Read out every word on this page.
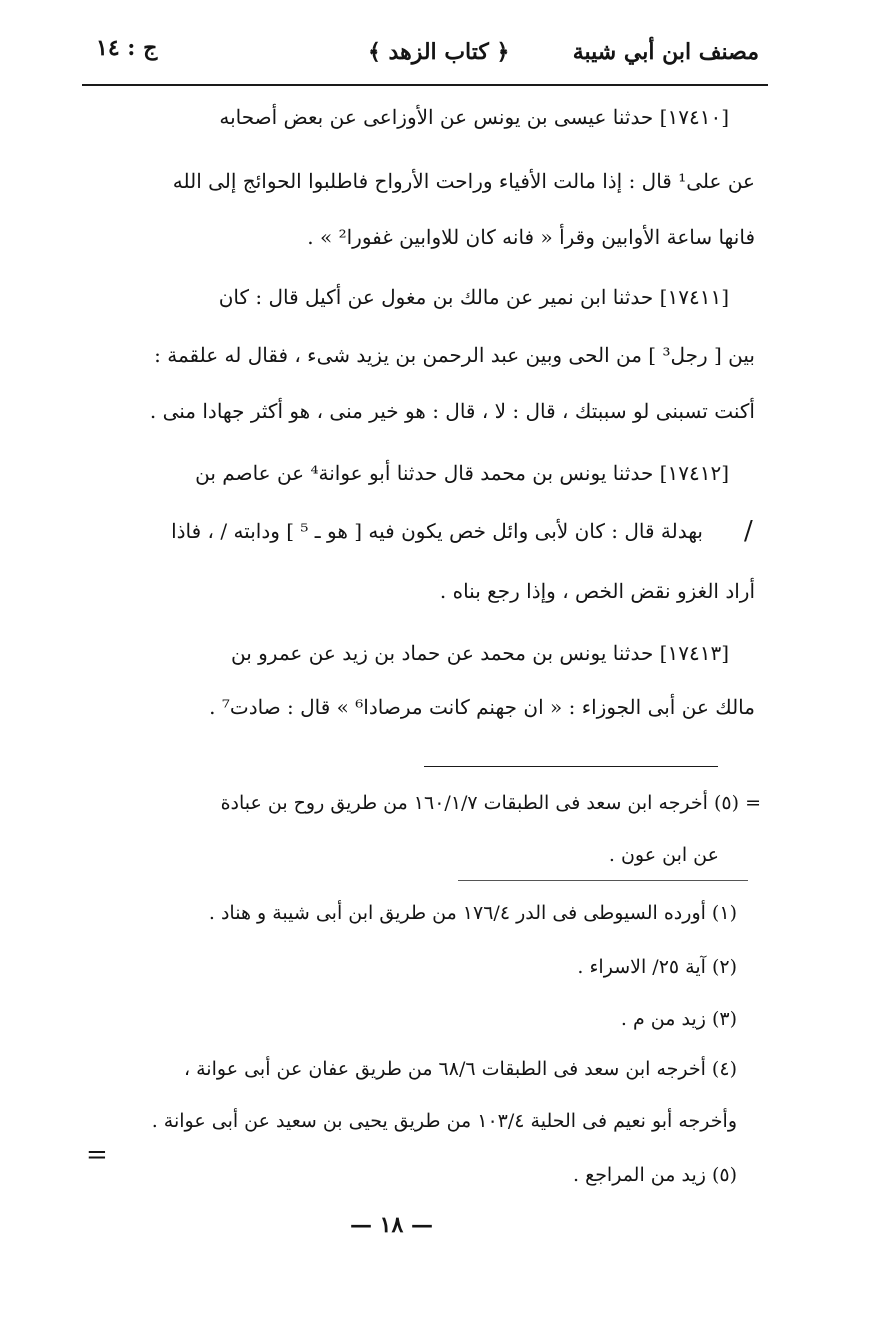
مصنف ابن أبي شيبة
﴿ كتاب الزهد ﴾
ج : ١٤
[١٧٤١٠] حدثنا عيسى بن يونس عن الأوزاعى عن بعض أصحابه
عن على¹ قال : إذا مالت الأفياء وراحت الأرواح فاطلبوا الحوائج إلى الله
فانها ساعة الأوابين وقرأ « فانه كان للاوابين غفورا² » .
[١٧٤١١] حدثنا ابن نمير عن مالك بن مغول عن أكيل قال : كان
بين [ رجل³ ] من الحى وبين عبد الرحمن بن يزيد شىء ، فقال له علقمة :
أكنت تسبنى لو سببتك ، قال : لا ، قال : هو خير منى ، هو أكثر جهادا منى .
[١٧٤١٢] حدثنا يونس بن محمد قال حدثنا أبو عوانة⁴ عن عاصم بن
بهدلة قال : كان لأبى وائل خص يكون فيه [ هو ـ ⁵ ] ودابته / ، فاذا
أراد الغزو نقض الخص ، وإذا رجع بناه .
[١٧٤١٣] حدثنا يونس بن محمد عن حماد بن زيد عن عمرو بن
مالك عن أبى الجوزاء : « ان جهنم كانت مرصادا⁶ » قال : صادت⁷ .
/
= (٥) أخرجه ابن سعد فى الطبقات ١٦٠/١/٧ من طريق روح بن عبادة
عن ابن عون .
(١) أورده السيوطى فى الدر ١٧٦/٤ من طريق ابن أبى شيبة و هناد .
(٢) آية ٢٥/ الاسراء .
(٣) زيد من م .
(٤) أخرجه ابن سعد فى الطبقات ٦٨/٦ من طريق عفان عن أبى عوانة ،
وأخرجه أبو نعيم فى الحلية ١٠٣/٤ من طريق يحيى بن سعيد عن أبى عوانة .
(٥) زيد من المراجع .
=
— ١٨ —
